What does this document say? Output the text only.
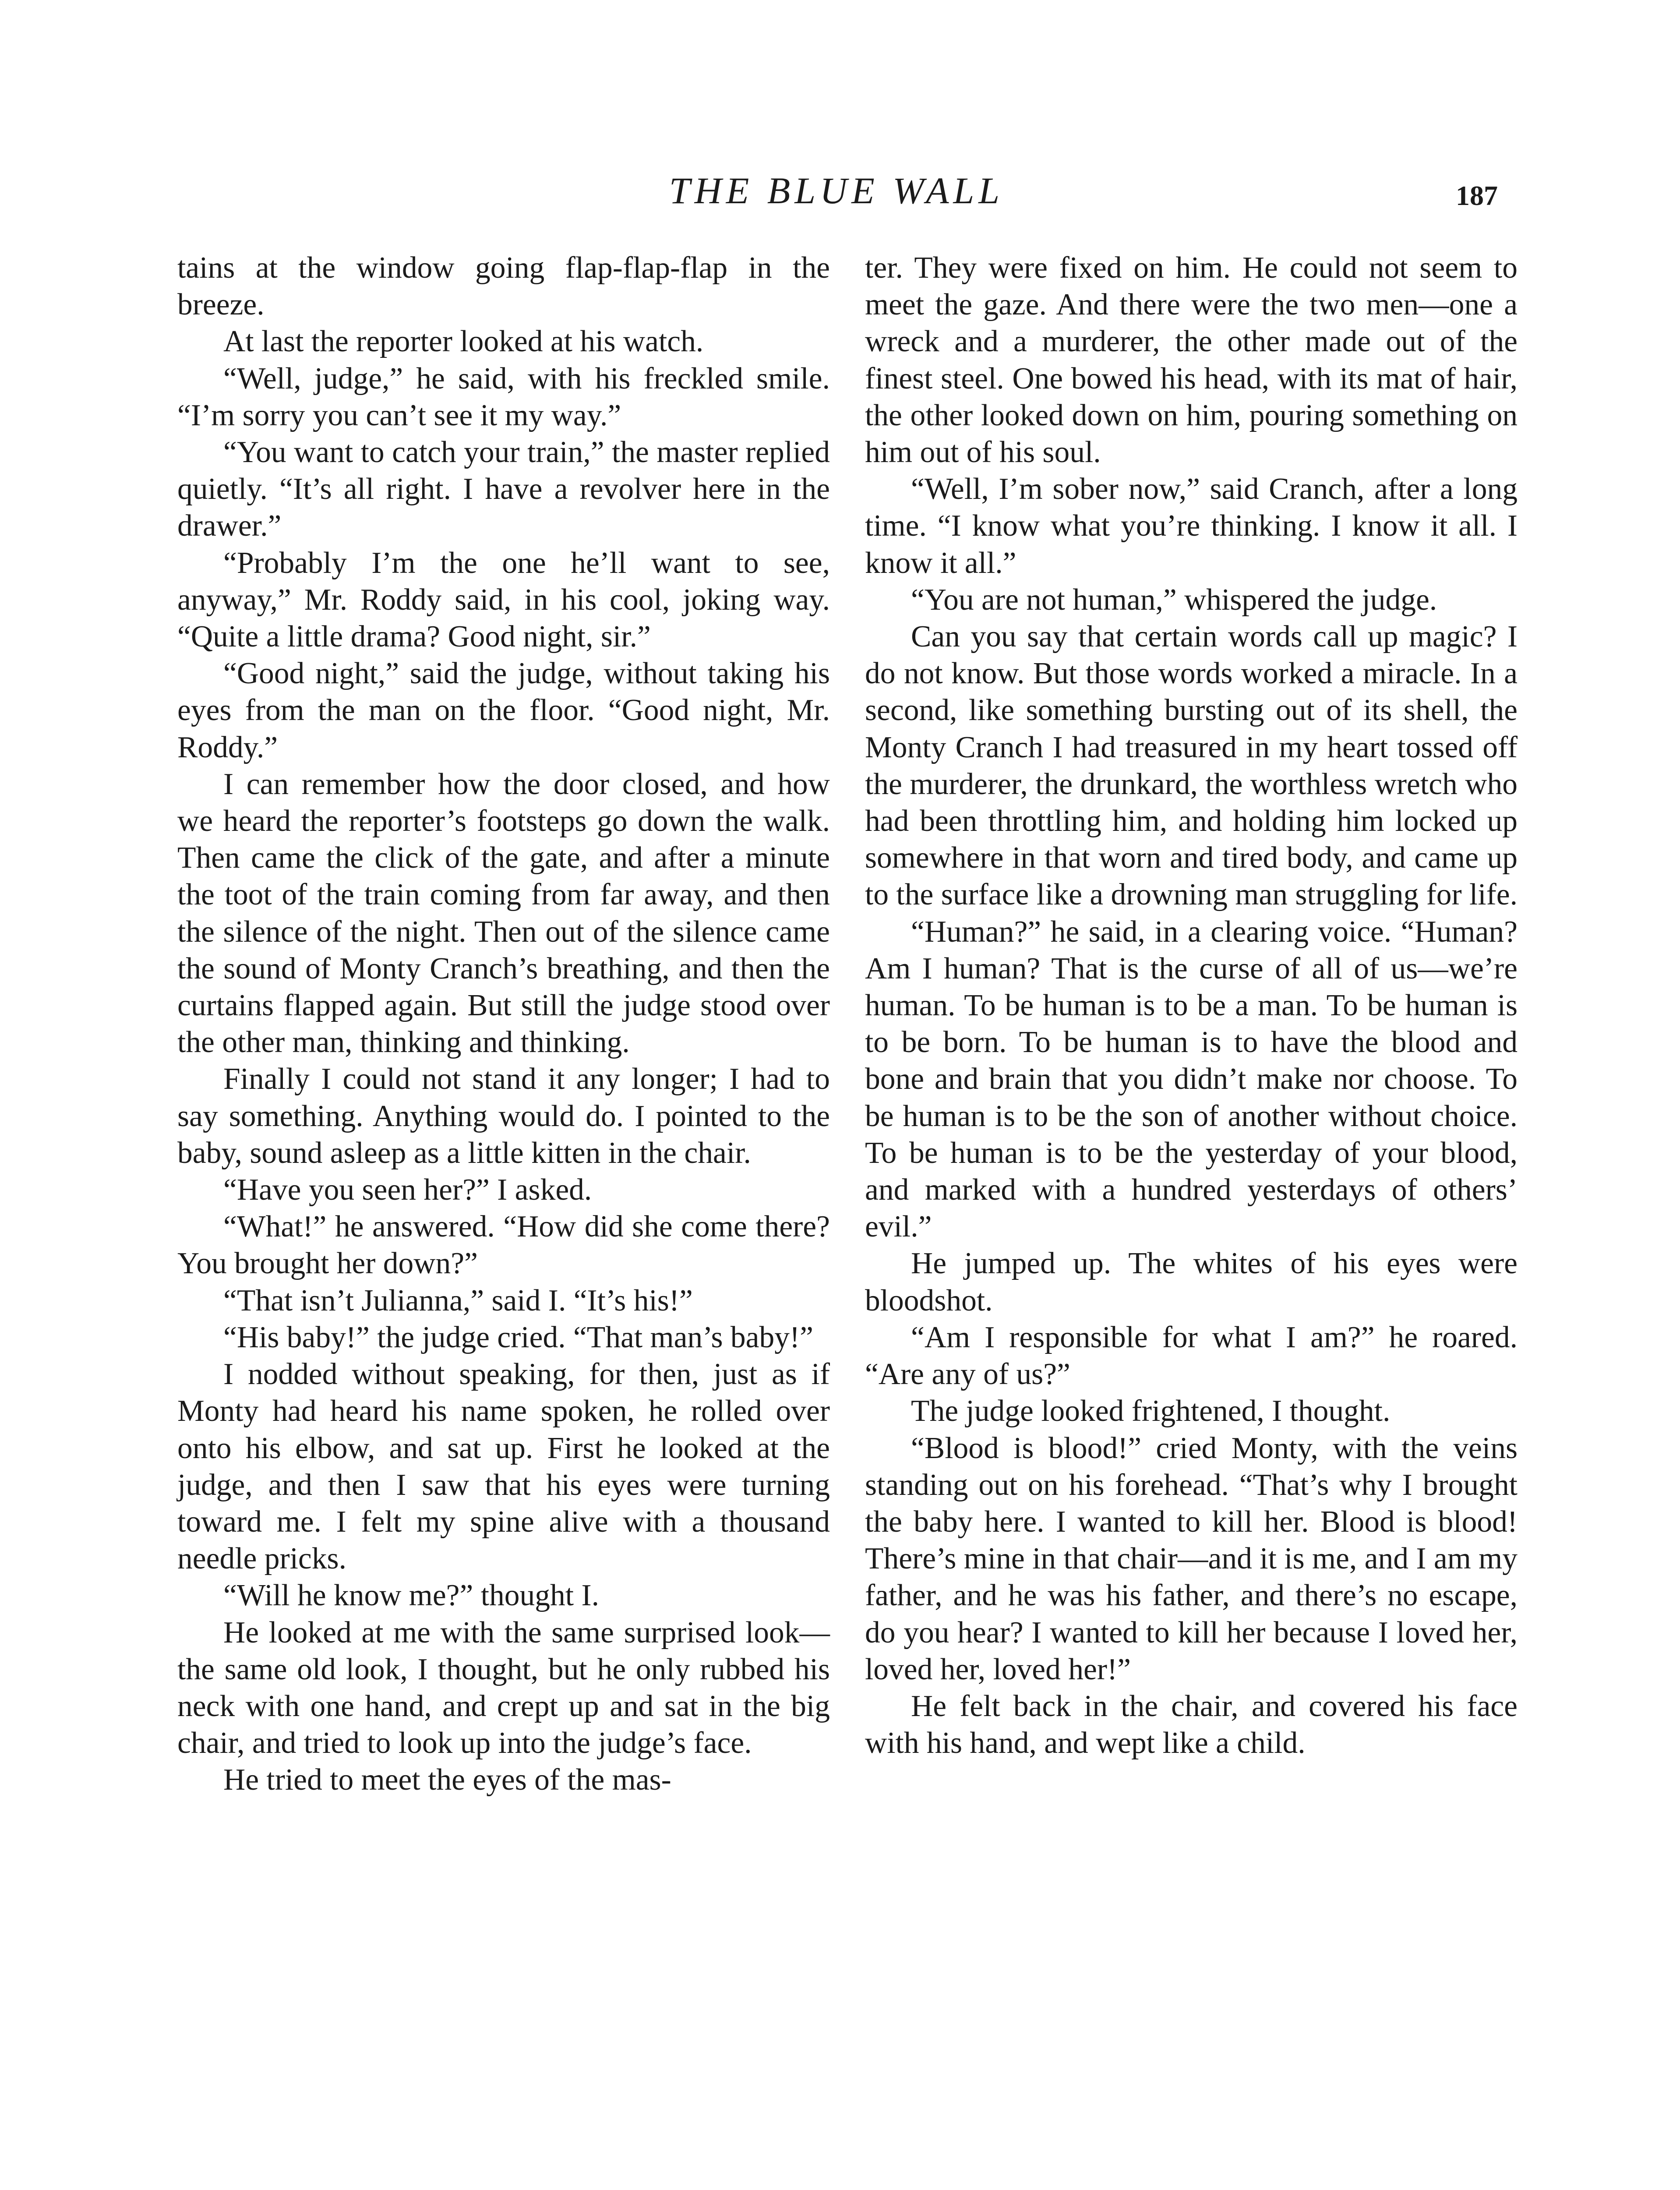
THE BLUE WALL	187

tains at the window going flap-flap-flap in the breeze.

At last the reporter looked at his watch.

“Well, judge,” he said, with his freckled smile. “I’m sorry you can’t see it my way.”

“You want to catch your train,” the master replied quietly. “It’s all right. I have a revolver here in the drawer.”

“Probably I’m the one he’ll want to see, anyway,” Mr. Roddy said, in his cool, joking way. “Quite a little drama? Good night, sir.”

“Good night,” said the judge, without taking his eyes from the man on the floor. “Good night, Mr. Roddy.”

I can remember how the door closed, and how we heard the reporter’s footsteps go down the walk. Then came the click of the gate, and after a minute the toot of the train coming from far away, and then the silence of the night. Then out of the silence came the sound of Monty Cranch’s breathing, and then the curtains flapped again. But still the judge stood over the other man, thinking and thinking.

Finally I could not stand it any longer; I had to say something. Anything would do. I pointed to the baby, sound asleep as a little kitten in the chair.

“Have you seen her?” I asked.

“What!” he answered. “How did she come there? You brought her down?”

“That isn’t Julianna,” said I. “It’s his!”

“His baby!” the judge cried. “That man’s baby!”

I nodded without speaking, for then, just as if Monty had heard his name spoken, he rolled over onto his elbow, and sat up. First he looked at the judge, and then I saw that his eyes were turning toward me. I felt my spine alive with a thousand needle pricks.

“Will he know me?” thought I.

He looked at me with the same surprised look—the same old look, I thought, but he only rubbed his neck with one hand, and crept up and sat in the big chair, and tried to look up into the judge’s face.

He tried to meet the eyes of the mas-

ter. They were fixed on him. He could not seem to meet the gaze. And there were the two men—one a wreck and a murderer, the other made out of the finest steel. One bowed his head, with its mat of hair, the other looked down on him, pouring something on him out of his soul.

“Well, I’m sober now,” said Cranch, after a long time. “I know what you’re thinking. I know it all. I know it all.”

“You are not human,” whispered the judge.

Can you say that certain words call up magic? I do not know. But those words worked a miracle. In a second, like something bursting out of its shell, the Monty Cranch I had treasured in my heart tossed off the murderer, the drunkard, the worthless wretch who had been throttling him, and holding him locked up somewhere in that worn and tired body, and came up to the surface like a drowning man struggling for life.

“Human?” he said, in a clearing voice. “Human? Am I human? That is the curse of all of us—we’re human. To be human is to be a man. To be human is to be born. To be human is to have the blood and bone and brain that you didn’t make nor choose. To be human is to be the son of another without choice. To be human is to be the yesterday of your blood, and marked with a hundred yesterdays of others’ evil.”

He jumped up. The whites of his eyes were bloodshot.

“Am I responsible for what I am?” he roared. “Are any of us?”

The judge looked frightened, I thought.

“Blood is blood!” cried Monty, with the veins standing out on his forehead. “That’s why I brought the baby here. I wanted to kill her. Blood is blood! There’s mine in that chair—and it is me, and I am my father, and he was his father, and there’s no escape, do you hear? I wanted to kill her because I loved her, loved her, loved her!”

He felt back in the chair, and covered his face with his hand, and wept like a child.
